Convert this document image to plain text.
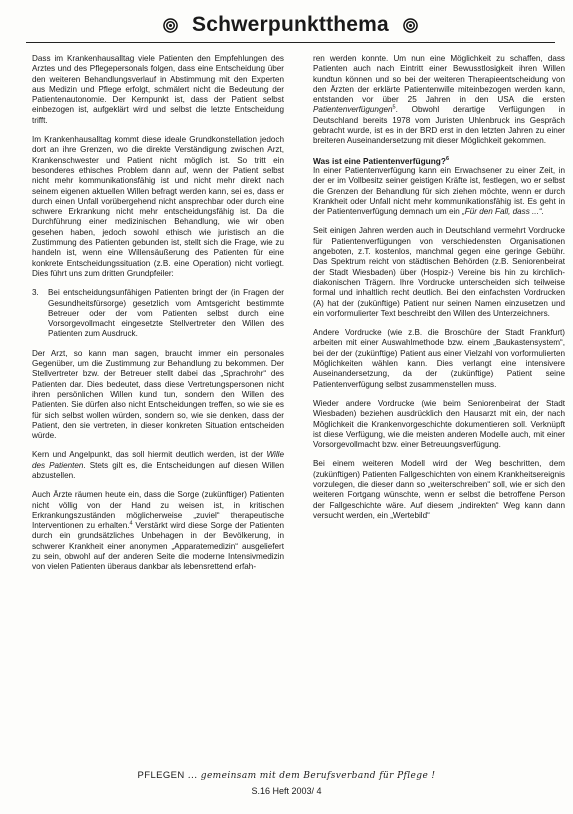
Schwerpunktthema

Dass im Krankenhausalltag viele Patienten den Empfehlungen des Arztes und des Pflegepersonals folgen, dass eine Entscheidung über den weiteren Behandlungsverlauf in Abstimmung mit den Experten aus Medizin und Pflege erfolgt, schmälert nicht die Bedeutung der Patientenautonomie. Der Kernpunkt ist, dass der Patient selbst einbezogen ist, aufgeklärt wird und selbst die letzte Entscheidung trifft.

Im Krankenhausalltag kommt diese ideale Grundkonstellation jedoch dort an ihre Grenzen, wo die direkte Verständigung zwischen Arzt, Krankenschwester und Patient nicht möglich ist. So tritt ein besonderes ethisches Problem dann auf, wenn der Patient selbst nicht mehr kommunikationsfähig ist und nicht mehr direkt nach seinem eigenen aktuellen Willen befragt werden kann, sei es, dass er durch einen Unfall vorübergehend nicht ansprechbar oder durch eine schwere Erkrankung nicht mehr entscheidungsfähig ist. Da die Durchführung einer medizinischen Behandlung, wie wir oben gesehen haben, jedoch sowohl ethisch wie juristisch an die Zustimmung des Patienten gebunden ist, stellt sich die Frage, wie zu handeln ist, wenn eine Willensäußerung des Patienten für eine konkrete Entscheidungssituation (z.B. eine Operation) nicht vorliegt. Dies führt uns zum dritten Grundpfeiler:

3.	Bei entscheidungsunfähigen Patienten bringt der (in Fragen der Gesundheitsfürsorge) gesetzlich vom Amtsgericht bestimmte Betreuer oder der vom Patienten selbst durch eine Vorsorgevollmacht eingesetzte Stellvertreter den Willen des Patienten zum Ausdruck.

Der Arzt, so kann man sagen, braucht immer ein personales Gegenüber, um die Zustimmung zur Behandlung zu bekommen. Der Stellvertreter bzw. der Betreuer stellt dabei das „Sprachrohr“ des Patienten dar. Dies bedeutet, dass diese Vertretungspersonen nicht ihren persönlichen Willen kund tun, sondern den Willen des Patienten. Sie dürfen also nicht Entscheidungen treffen, so wie sie es für sich selbst wollen würden, sondern so, wie sie denken, dass der Patient, den sie vertreten, in dieser konkreten Situation entscheiden würde.

Kern und Angelpunkt, das soll hiermit deutlich werden, ist der Wille des Patienten. Stets gilt es, die Entscheidungen auf diesen Willen abzustellen.

Auch Ärzte räumen heute ein, dass die Sorge (zukünftiger) Patienten nicht völlig von der Hand zu weisen ist, in kritischen Erkrankungszuständen möglicherweise „zuviel“ therapeutische Interventionen zu erhalten.$^4$ Verstärkt wird diese Sorge der Patienten durch ein grundsätzliches Unbehagen in der Bevölkerung, in schwerer Krankheit einer anonymen „Apparatemedizin“ ausgeliefert zu sein, obwohl auf der anderen Seite die moderne Intensivmedizin von vielen Patienten überaus dankbar als lebensrettend erfah-

ren werden konnte. Um nun eine Möglichkeit zu schaffen, dass Patienten auch nach Eintritt einer Bewusstlosigkeit ihren Willen kundtun können und so bei der weiteren Therapieentscheidung von den Ärzten der erklärte Patientenwille miteinbezogen werden kann, entstanden vor über 25 Jahren in den USA die ersten Patientenverfügungen$^5$. Obwohl derartige Verfügungen in Deutschland bereits 1978 vom Juristen Uhlenbruck ins Gespräch gebracht wurde, ist es in der BRD erst in den letzten Jahren zu einer breiteren Auseinandersetzung mit dieser Möglichkeit gekommen.

Was ist eine Patientenverfügung?$^6$

In einer Patientenverfügung kann ein Erwachsener zu einer Zeit, in der er im Vollbesitz seiner geistigen Kräfte ist, festlegen, wo er selbst die Grenzen der Behandlung für sich ziehen möchte, wenn er durch Krankheit oder Unfall nicht mehr kommunikationsfähig ist. Es geht in der Patientenverfügung demnach um ein „Für den Fall, dass ...“.

Seit einigen Jahren werden auch in Deutschland vermehrt Vordrucke für Patientenverfügungen von verschiedensten Organisationen angeboten, z.T. kostenlos, manchmal gegen eine geringe Gebühr. Das Spektrum reicht von städtischen Behörden (z.B. Seniorenbeirat der Stadt Wiesbaden) über (Hospiz-) Vereine bis hin zu kirchlich-diakonischen Trägern. Ihre Vordrucke unterscheiden sich teilweise formal und inhaltlich recht deutlich. Bei den einfachsten Vordrucken (A) hat der (zukünftige) Patient nur seinen Namen einzusetzen und ein vorformulierter Text beschreibt den Willen des Unterzeichners.

Andere Vordrucke (wie z.B. die Broschüre der Stadt Frankfurt) arbeiten mit einer Auswahlmethode bzw. einem „Baukastensystem“, bei der der (zukünftige) Patient aus einer Vielzahl von vorformulierten Möglichkeiten wählen kann. Dies verlangt eine intensivere Auseinandersetzung, da der (zukünftige) Patient seine Patientenverfügung selbst zusammenstellen muss.

Wieder andere Vordrucke (wie beim Seniorenbeirat der Stadt Wiesbaden) beziehen ausdrücklich den Hausarzt mit ein, der nach Möglichkeit die Krankenvorgeschichte dokumentieren soll. Verknüpft ist diese Verfügung, wie die meisten anderen Modelle auch, mit einer Vorsorgevollmacht bzw. einer Betreuungsverfügung.

Bei einem weiteren Modell wird der Weg beschritten, dem (zukünftigen) Patienten Fallgeschichten von einem Krankheitsereignis vorzulegen, die dieser dann so „weiterschreiben“ soll, wie er sich den weiteren Fortgang wünschte, wenn er selbst die betroffene Person der Fallgeschichte wäre. Auf diesem „indirekten“ Weg kann dann versucht werden, ein „Wertebild“

PFLEGEN ... gemeinsam mit dem Berufsverband für Pflege !
S.16 Heft 2003/ 4
